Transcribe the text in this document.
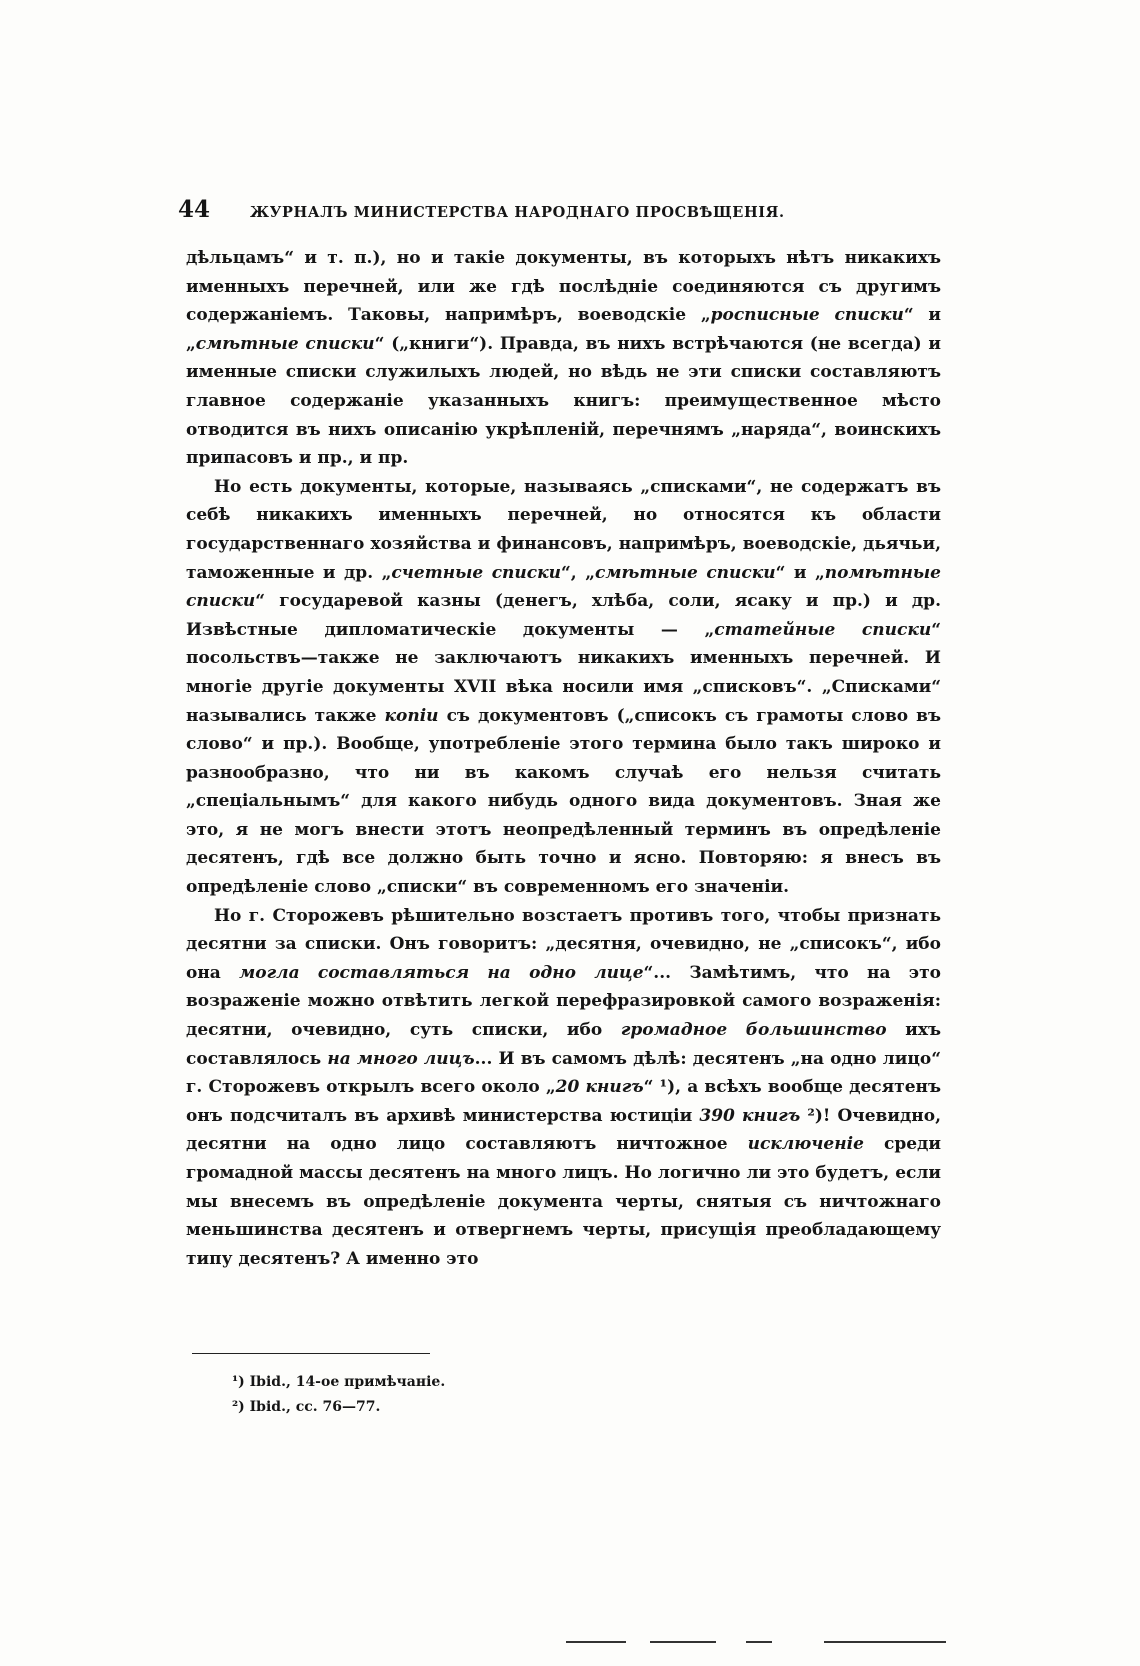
44	ЖУРНАЛЪ МИНИСТЕРСТВА НАРОДНАГО ПРОСВѢЩЕНІЯ.

дѣльцамъ“ и т. п.), но и такіе документы, въ которыхъ нѣтъ никакихъ именныхъ перечней, или же гдѣ послѣдніе соединяются съ другимъ содержаніемъ. Таковы, напримѣръ, воеводскіе „росписные списки“ и „смѣтные списки“ („книги“). Правда, въ нихъ встрѣчаются (не всегда) и именные списки служилыхъ людей, но вѣдь не эти списки составляютъ главное содержаніе указанныхъ книгъ: преимущественное мѣсто отводится въ нихъ описанію укрѣпленій, перечнямъ „наряда“, воинскихъ припасовъ и пр., и пр.

Но есть документы, которые, называясь „списками“, не содержатъ въ себѣ никакихъ именныхъ перечней, но относятся къ области государственнаго хозяйства и финансовъ, напримѣръ, воеводскіе, дьячьи, таможенные и др. „счетные списки“, „смѣтные списки“ и „помѣтные списки“ государевой казны (денегъ, хлѣба, соли, ясаку и пр.) и др. Извѣстные дипломатическіе документы — „статейные списки“ посольствъ—также не заключаютъ никакихъ именныхъ перечней. И многіе другіе документы XVII вѣка носили имя „списковъ“. „Списками“ назывались также копіи съ документовъ („списокъ съ грамоты слово въ слово“ и пр.). Вообще, употребленіе этого термина было такъ широко и разнообразно, что ни въ какомъ случаѣ его нельзя считать „спеціальнымъ“ для какого нибудь одного вида документовъ. Зная же это, я не могъ внести этотъ неопредѣленный терминъ въ опредѣленіе десятенъ, гдѣ все должно быть точно и ясно. Повторяю: я внесъ въ опредѣленіе слово „списки“ въ современномъ его значеніи.

Но г. Сторожевъ рѣшительно возстаетъ противъ того, чтобы признать десятни за списки. Онъ говоритъ: „десятня, очевидно, не „списокъ“, ибо она могла составляться на одно лице“... Замѣтимъ, что на это возраженіе можно отвѣтить легкой перефразировкой самого возраженія: десятни, очевидно, суть списки, ибо громадное большинство ихъ составлялось на много лицъ... И въ самомъ дѣлѣ: десятенъ „на одно лицо“ г. Сторожевъ открылъ всего около „20 книгъ“ ¹), а всѣхъ вообще десятенъ онъ подсчиталъ въ архивѣ министерства юстиціи 390 книгъ ²)! Очевидно, десятни на одно лицо составляютъ ничтожное исключеніе среди громадной массы десятенъ на много лицъ. Но логично ли это будетъ, если мы внесемъ въ опредѣленіе документа черты, снятыя съ ничтожнаго меньшинства десятенъ и отвергнемъ черты, присущія преобладающему типу десятенъ? А именно это

¹) Ibid., 14-ое примѣчаніе.
²) Ibid., сс. 76—77.
